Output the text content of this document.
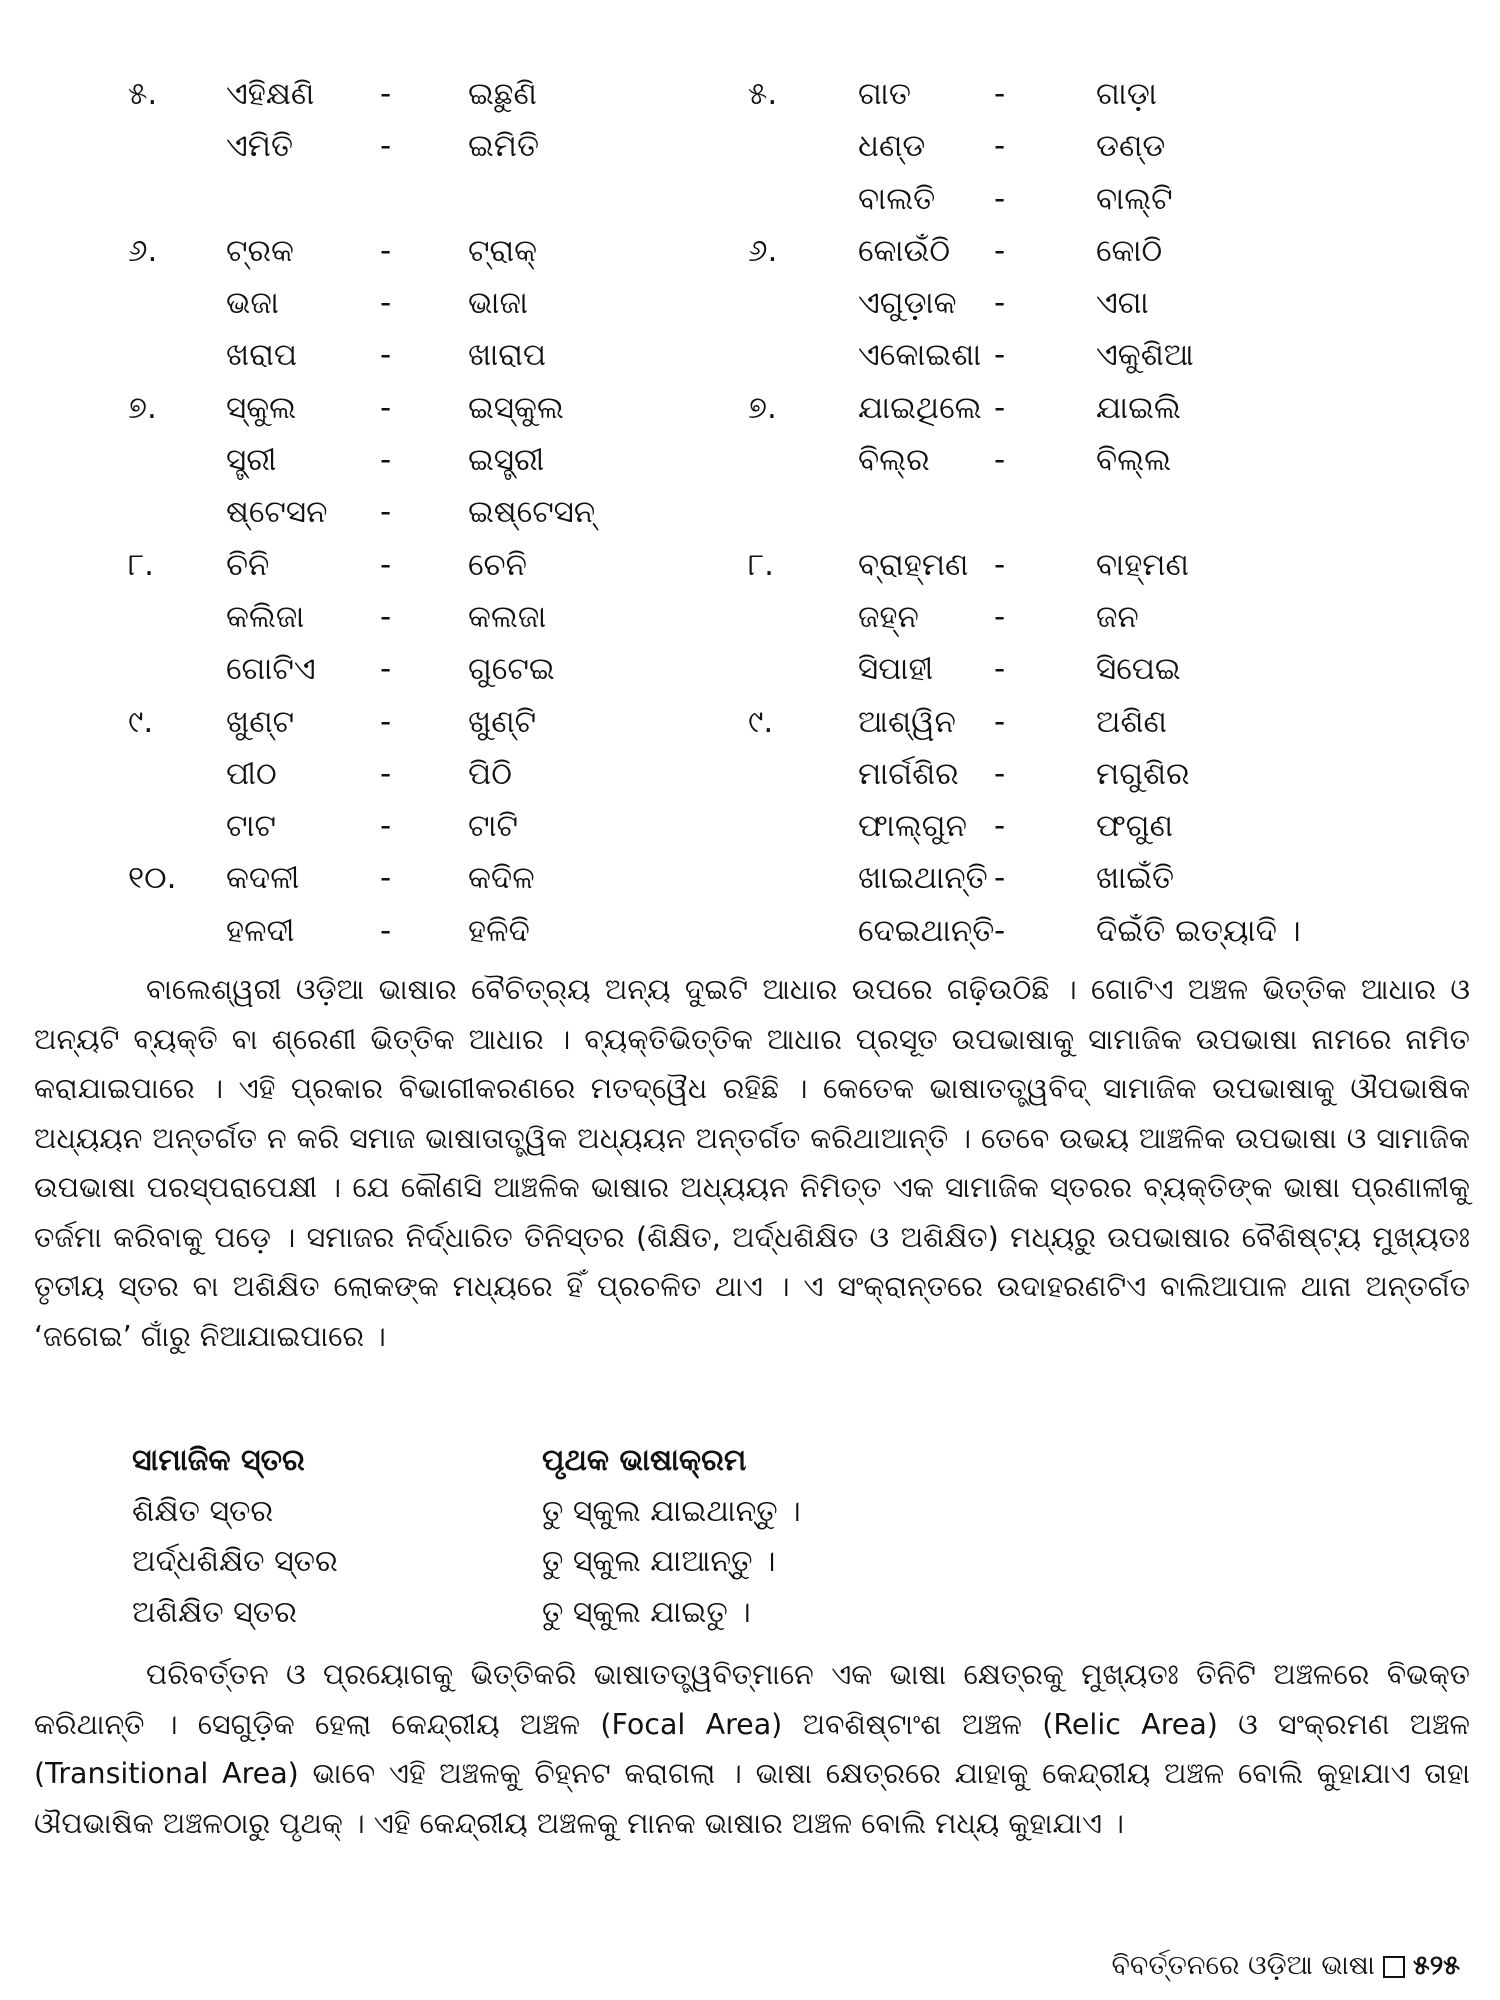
୫. ଏହିକ୍ଷଣି - ଇଛୁଣି
ଏମିତି	- ଇମିତି
୬. ଟ୍ରକ	- ଟ୍ରାକ୍
ଭଜା	- ଭାଜା
ଖରାପ	- ଖାରାପ
୭. ସ୍କୁଲ	- ଇସ୍କୁଲ
ସ୍ତ୍ରୀ	- ଇସ୍ତ୍ରୀ
ଷ୍ଟେସନ - ଇଷ୍ଟେସନ୍
୮. ଚିନି	- ଚେନି
କଲିଜା - କଲଜା
ଗୋଟିଏ - ଗୁଟେଇ
୯. ଖୁଣ୍ଟ	- ଖୁଣ୍ଟି
ପୀଠ	- ପିଠି
ଟାଟ	- ଟାଟି
୧୦. କଦଳୀ	- କଦିଳ
ହଳଦୀ	- ହଳିଦି
୫.	ଗାତ	-	ଗାଡ଼ା
ଧଣ୍ଡ -	ଡଣ୍ଡ
ବାଲତି -	ବାଲ୍‌ଟି
୬.	କୋଉଁଠି -	କୋଠି
ଏଗୁଡ଼ାକ -	ଏଗା
ଏକୋଇଶା -	ଏକୁଶିଆ
୭.	ଯାଇଥିଲେ -	ଯାଇଲି
ବିଲ୍‌ର -	ବିଲ୍‌ଲ
୮.	ବ୍ରାହ୍ମଣ -	ବାହ୍ମଣ
ଜହ୍ନ -	ଜନ
ସିପାହୀ -	ସିପେଇ
୯.	ଆଶ୍ୱିନ -	ଅଶିଣ
ମାର୍ଗଶିର -	ମଗୁଶିର
ଫାଲ୍‌ଗୁନ -	ଫଗୁଣ
ଖାଇଥାନ୍ତି -	ଖାଇଁତି
ଦେଇଥାନ୍ତି -	ଦିଇଁତି ଇତ୍ୟାଦି ।

ବାଲେଶ୍ୱରୀ ଓଡ଼ିଆ ଭାଷାର ବୈଚିତ୍ର୍ୟ ଅନ୍ୟ ଦୁଇଟି ଆଧାର ଉପରେ ଗଢ଼ିଉଠିଛି । ଗୋଟିଏ ଅଞ୍ଚଳ ଭିତ୍ତିକ ଆଧାର ଓ ଅନ୍ୟଟି ବ୍ୟକ୍ତି ବା ଶ୍ରେଣୀ ଭିତ୍ତିକ ଆଧାର । ବ୍ୟକ୍ତିଭିତ୍ତିକ ଆଧାର ପ୍ରସୂତ ଉପଭାଷାକୁ ସାମାଜିକ ଉପଭାଷା ନାମରେ ନାମିତ କରାଯାଇପାରେ । ଏହି ପ୍ରକାର ବିଭାଗୀକରଣରେ ମତଦ୍ୱୈଧ ରହିଛି । କେତେକ ଭାଷାତତ୍ତ୍ୱବିଦ୍ ସାମାଜିକ ଉପଭାଷାକୁ ଔପଭାଷିକ ଅଧ୍ୟୟନ ଅନ୍ତର୍ଗତ ନ କରି ସମାଜ ଭାଷାତାତ୍ତ୍ୱିକ ଅଧ୍ୟୟନ ଅନ୍ତର୍ଗତ କରିଥାଆନ୍ତି । ତେବେ ଉଭୟ ଆଞ୍ଚଳିକ ଉପଭାଷା ଓ ସାମାଜିକ ଉପଭାଷା ପରସ୍ପରାପେକ୍ଷୀ । ଯେ କୌଣସି ଆଞ୍ଚଳିକ ଭାଷାର ଅଧ୍ୟୟନ ନିମିତ୍ତ ଏକ ସାମାଜିକ ସ୍ତରର ବ୍ୟକ୍ତିଙ୍କ ଭାଷା ପ୍ରଣାଳୀକୁ ତର୍ଜମା କରିବାକୁ ପଡ଼େ । ସମାଜର ନିର୍ଦ୍ଧାରିତ ତିନିସ୍ତର (ଶିକ୍ଷିତ, ଅର୍ଦ୍ଧଶିକ୍ଷିତ ଓ ଅଶିକ୍ଷିତ) ମଧ୍ୟରୁ ଉପଭାଷାର ବୈଶିଷ୍ଟ୍ୟ ମୁଖ୍ୟତଃ ତୃତୀୟ ସ୍ତର ବା ଅଶିକ୍ଷିତ ଲୋକଙ୍କ ମଧ୍ୟରେ ହିଁ ପ୍ରଚଳିତ ଥାଏ । ଏ ସଂକ୍ରାନ୍ତରେ ଉଦାହରଣଟିଏ ବାଲିଆପାଳ ଥାନା ଅନ୍ତର୍ଗତ ‘ଜଗେଇ’ ଗାଁରୁ ନିଆଯାଇପାରେ ।

ସାମାଜିକ ସ୍ତର	ପୃଥକ ଭାଷାକ୍ରମ
ଶିକ୍ଷିତ ସ୍ତର	ତୁ ସ୍କୁଲ ଯାଇଥାନ୍ତୁ ।
ଅର୍ଦ୍ଧଶିକ୍ଷିତ ସ୍ତର	ତୁ ସ୍କୁଲ ଯାଆନ୍ତୁ ।
ଅଶିକ୍ଷିତ ସ୍ତର	ତୁ ସ୍କୁଲ ଯାଇତୁ ।

ପରିବର୍ତ୍ତନ ଓ ପ୍ରୟୋଗକୁ ଭିତ୍ତିକରି ଭାଷାତତ୍ତ୍ୱବିତ୍‌ମାନେ ଏକ ଭାଷା କ୍ଷେତ୍ରକୁ ମୁଖ୍ୟତଃ ତିନିଟି ଅଞ୍ଚଳରେ ବିଭକ୍ତ କରିଥାନ୍ତି । ସେଗୁଡ଼ିକ ହେଲା କେନ୍ଦ୍ରୀୟ ଅଞ୍ଚଳ (Focal Area) ଅବଶିଷ୍ଟାଂଶ ଅଞ୍ଚଳ (Relic Area) ଓ ସଂକ୍ରମଣ ଅଞ୍ଚଳ (Transitional Area) ଭାବେ ଏହି ଅଞ୍ଚଳକୁ ଚିହ୍ନଟ କରାଗଲା । ଭାଷା କ୍ଷେତ୍ରରେ ଯାହାକୁ କେନ୍ଦ୍ରୀୟ ଅଞ୍ଚଳ ବୋଲି କୁହାଯାଏ ତାହା ଔପଭାଷିକ ଅଞ୍ଚଳଠାରୁ ପୃଥକ୍ । ଏହି କେନ୍ଦ୍ରୀୟ ଅଞ୍ଚଳକୁ ମାନକ ଭାଷାର ଅଞ୍ଚଳ ବୋଲି ମଧ୍ୟ କୁହାଯାଏ ।

ବିବର୍ତ୍ତନରେ ଓଡ଼ିଆ ଭାଷା ୫୨୫
